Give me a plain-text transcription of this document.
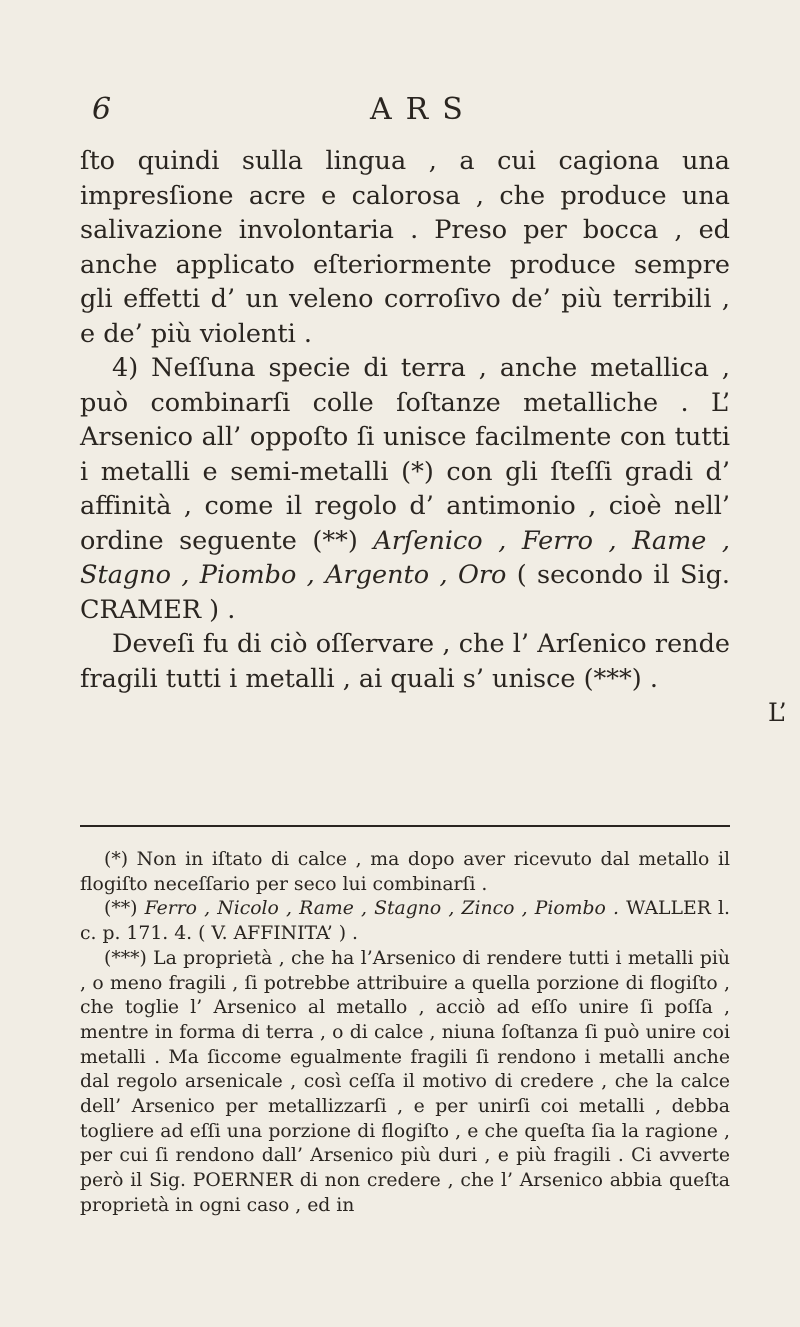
6	ARS

ſto quindi sulla lingua , a cui cagiona una impresſione acre e calorosa , che produce una salivazione involontaria . Preso per bocca , ed anche applicato eſteriormente produce sempre gli effetti d’ un veleno corroſivo de’ più terribili , e de’ più violenti .

4) Neſſuna specie di terra , anche metallica , può combinarſi colle ſoſtanze metalliche . L’ Arsenico all’ oppoſto ſi unisce facilmente con tutti i metalli e semi-metalli (*) con gli ſteſſi gradi d’ affinità , come il regolo d’ antimonio , cioè nell’ ordine seguente (**) Arſenico , Ferro , Rame , Stagno , Piombo , Argento , Oro ( secondo il Sig. CRAMER ) .

Deveſi fu di ciò oſſervare , che l’ Arſenico rende fragili tutti i metalli , ai quali s’ unisce (***) .

L’

(*) Non in iſtato di calce , ma dopo aver ricevuto dal metallo il flogiſto neceſſario per seco lui combinarſi .

(**) Ferro , Nicolo , Rame , Stagno , Zinco , Piombo . WALLER l. c. p. 171. 4. ( V. AFFINITA’ ) .

(***) La proprietà , che ha l’Arsenico di rendere tutti i metalli più , o meno fragili , ſi potrebbe attribuire a quella porzione di flogiſto , che toglie l’ Arsenico al metallo , acciò ad eſſo unire ſi poſſa , mentre in forma di terra , o di calce , niuna ſoſtanza ſi può unire coi metalli . Ma ſiccome egualmente fragili ſi rendono i metalli anche dal regolo arsenicale , così ceſſa il motivo di credere , che la calce dell’ Arsenico per metallizzarſi , e per unirſi coi metalli , debba togliere ad eſſi una porzione di flogiſto , e che queſta ſia la ragione , per cui ſi rendono dall’ Arsenico più duri , e più fragili . Ci avverte però il Sig. POERNER di non credere , che l’ Arsenico abbia queſta proprietà in ogni caso , ed in
